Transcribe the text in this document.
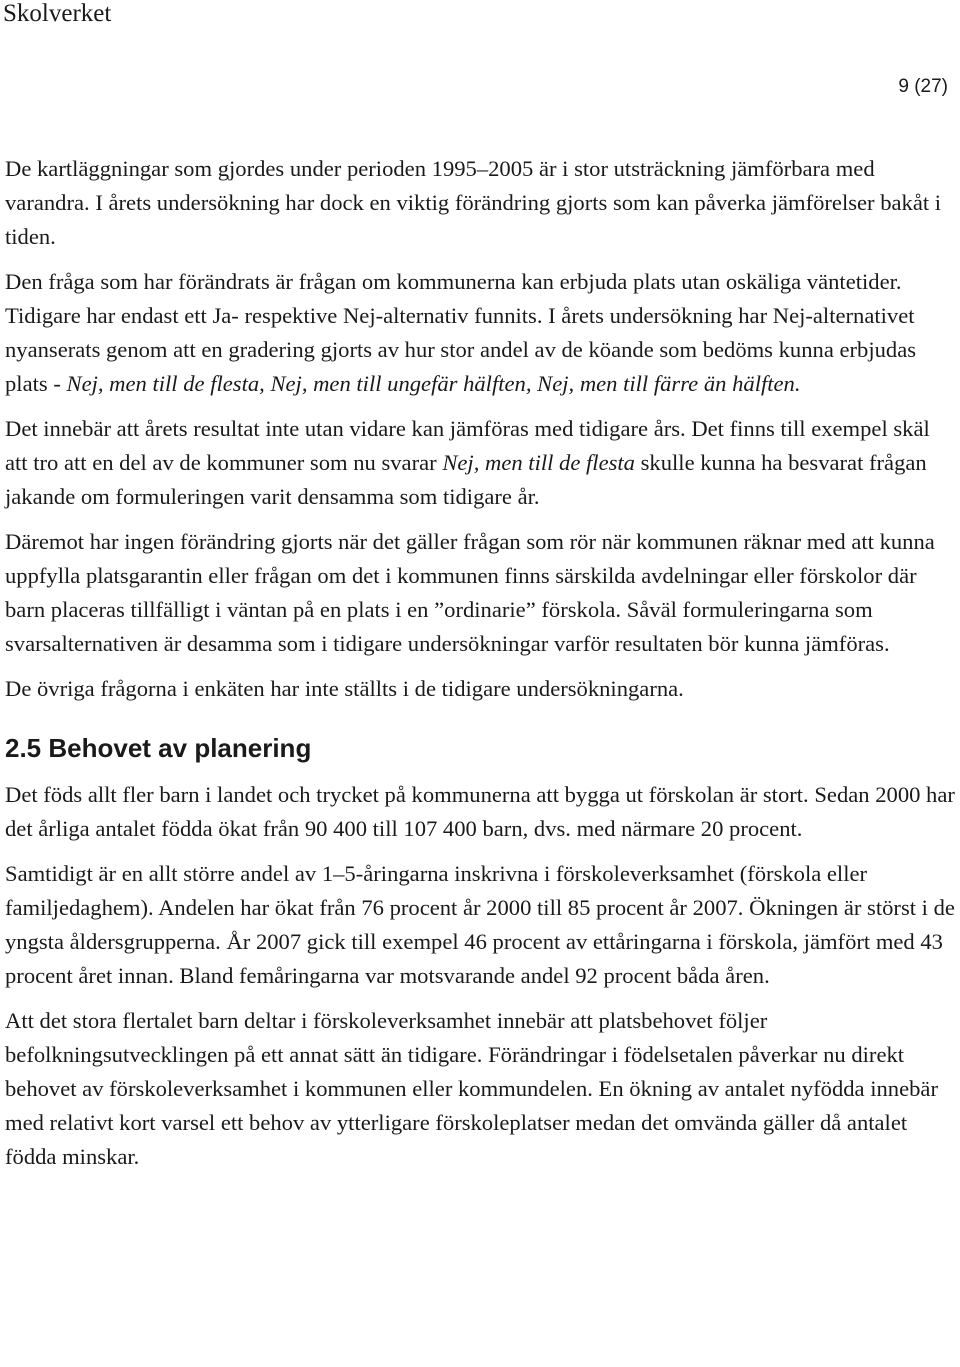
Skolverket
9 (27)

De kartläggningar som gjordes under perioden 1995–2005 är i stor utsträckning jämförbara med varandra. I årets undersökning har dock en viktig förändring gjorts som kan påverka jämförelser bakåt i tiden.

Den fråga som har förändrats är frågan om kommunerna kan erbjuda plats utan oskäliga väntetider. Tidigare har endast ett Ja- respektive Nej-alternativ funnits. I årets undersökning har Nej-alternativet nyanserats genom att en gradering gjorts av hur stor andel av de köande som bedöms kunna erbjudas plats - Nej, men till de flesta, Nej, men till ungefär hälften, Nej, men till färre än hälften.

Det innebär att årets resultat inte utan vidare kan jämföras med tidigare års. Det finns till exempel skäl att tro att en del av de kommuner som nu svarar Nej, men till de flesta skulle kunna ha besvarat frågan jakande om formuleringen varit densamma som tidigare år.

Däremot har ingen förändring gjorts när det gäller frågan som rör när kommunen räknar med att kunna uppfylla platsgarantin eller frågan om det i kommunen finns särskilda avdelningar eller förskolor där barn placeras tillfälligt i väntan på en plats i en ”ordinarie” förskola. Såväl formuleringarna som svarsalternativen är desamma som i tidigare undersökningar varför resultaten bör kunna jämföras.

De övriga frågorna i enkäten har inte ställts i de tidigare undersökningarna.

2.5 Behovet av planering

Det föds allt fler barn i landet och trycket på kommunerna att bygga ut förskolan är stort. Sedan 2000 har det årliga antalet födda ökat från 90 400 till 107 400 barn, dvs. med närmare 20 procent.

Samtidigt är en allt större andel av 1–5-åringarna inskrivna i förskoleverksamhet (förskola eller familjedaghem). Andelen har ökat från 76 procent år 2000 till 85 procent år 2007. Ökningen är störst i de yngsta åldersgrupperna. År 2007 gick till exempel 46 procent av ettåringarna i förskola, jämfört med 43 procent året innan. Bland femåringarna var motsvarande andel 92 procent båda åren.

Att det stora flertalet barn deltar i förskoleverksamhet innebär att platsbehovet följer befolkningsutvecklingen på ett annat sätt än tidigare. Förändringar i födelsetalen påverkar nu direkt behovet av förskoleverksamhet i kommunen eller kommundelen. En ökning av antalet nyfödda innebär med relativt kort varsel ett behov av ytterligare förskoleplatser medan det omvända gäller då antalet födda minskar.
